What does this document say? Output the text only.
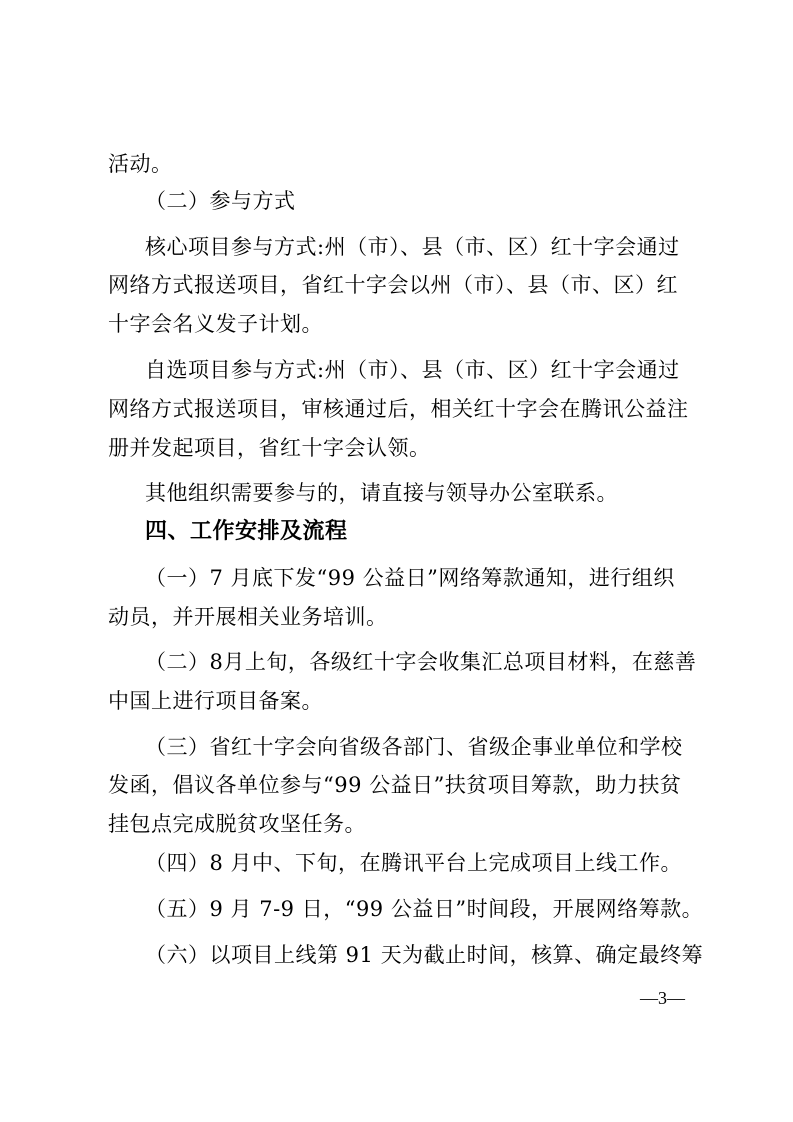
活动。
（二）参与方式
核心项目参与方式:州（市）、县（市、区）红十字会通过
网络方式报送项目，省红十字会以州（市）、县（市、区）红
十字会名义发子计划。
自选项目参与方式:州（市）、县（市、区）红十字会通过
网络方式报送项目，审核通过后，相关红十字会在腾讯公益注
册并发起项目，省红十字会认领。
其他组织需要参与的，请直接与领导办公室联系。
四、工作安排及流程
（一）7 月底下发“99 公益日”网络筹款通知，进行组织
动员，并开展相关业务培训。
（二）8月上旬，各级红十字会收集汇总项目材料，在慈善
中国上进行项目备案。
（三）省红十字会向省级各部门、省级企事业单位和学校
发函，倡议各单位参与“99 公益日”扶贫项目筹款，助力扶贫
挂包点完成脱贫攻坚任务。
（四）8 月中、下旬，在腾讯平台上完成项目上线工作。
（五）9 月 7-9 日，“99 公益日”时间段，开展网络筹款。
（六）以项目上线第 91 天为截止时间，核算、确定最终筹
—3—
